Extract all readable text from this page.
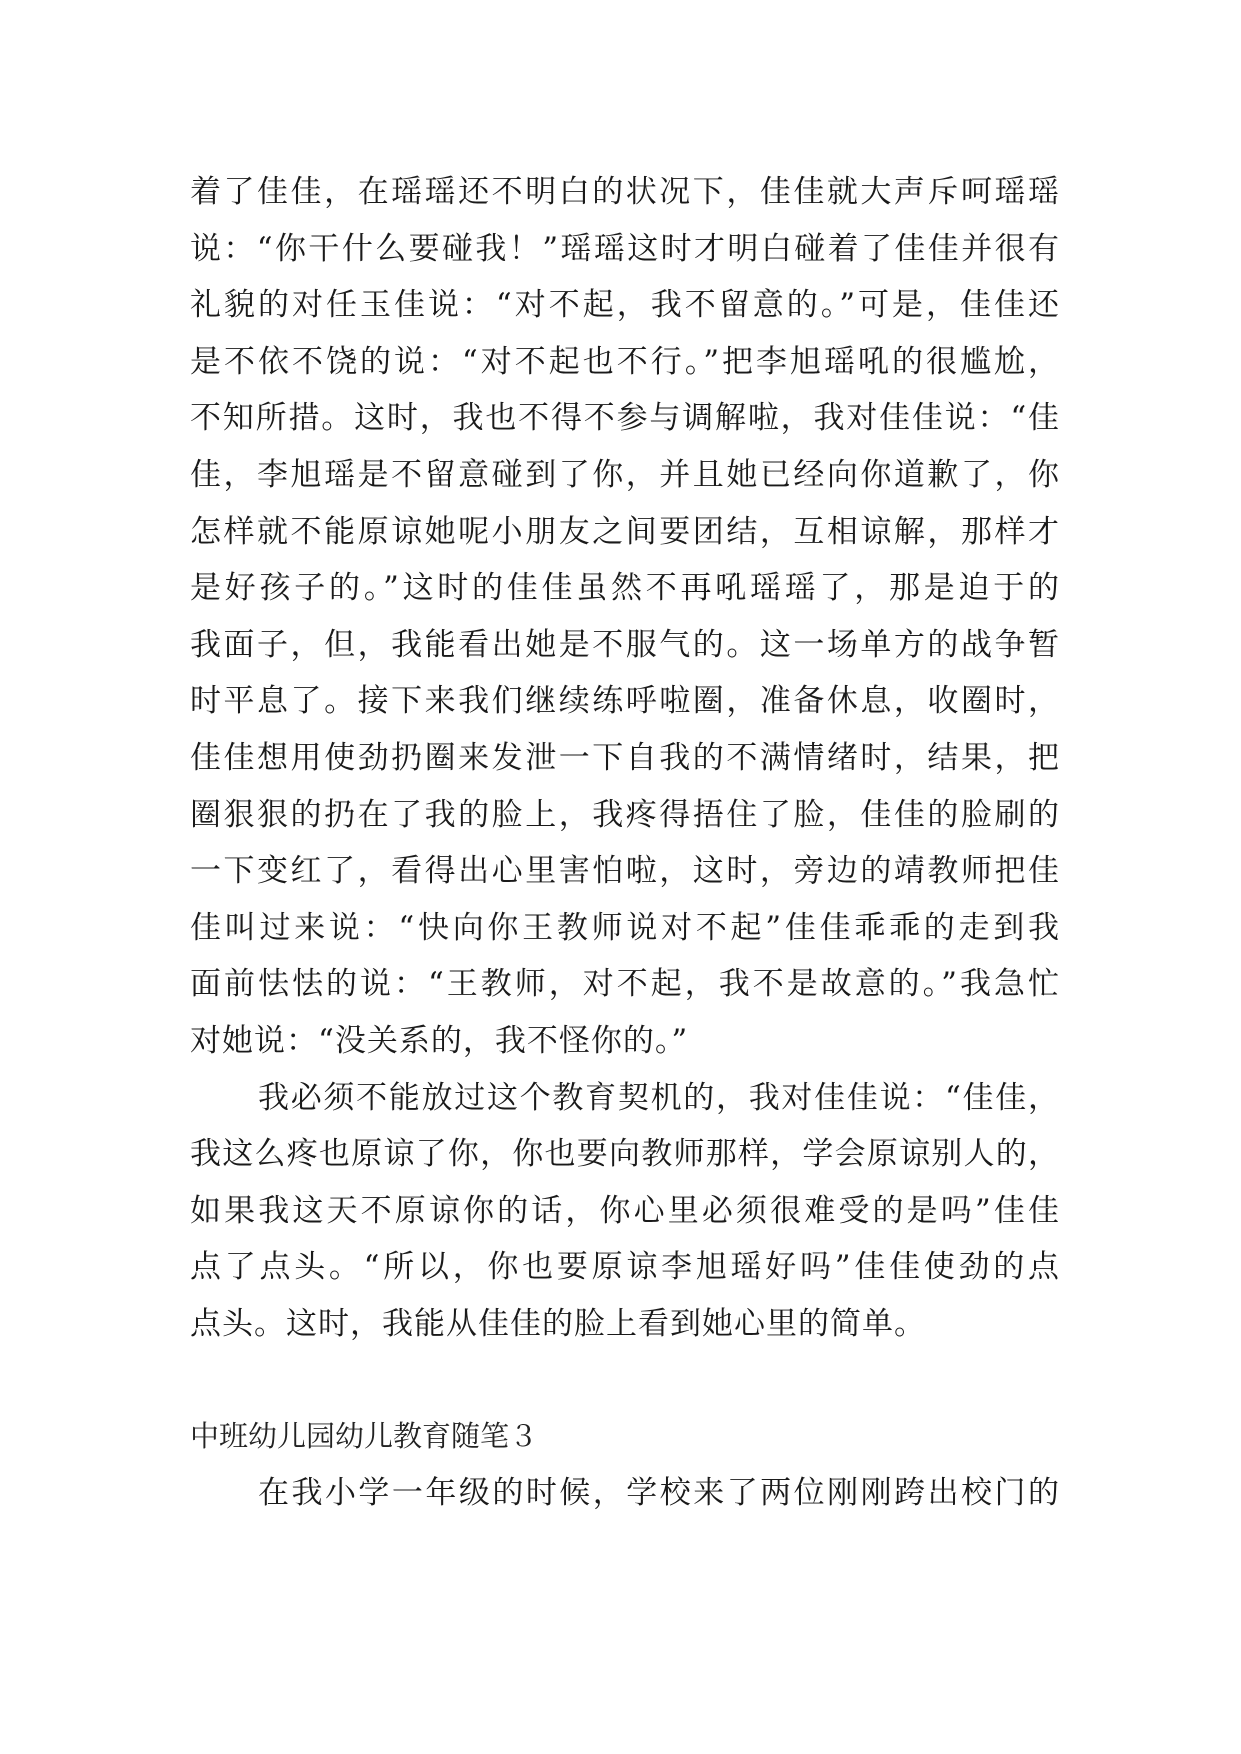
着了佳佳，在瑶瑶还不明白的状况下，佳佳就大声斥呵瑶瑶
说：“你干什么要碰我！”瑶瑶这时才明白碰着了佳佳并很有
礼貌的对任玉佳说：“对不起，我不留意的。”可是，佳佳还
是不依不饶的说：“对不起也不行。”把李旭瑶吼的很尴尬，
不知所措。这时，我也不得不参与调解啦，我对佳佳说：“佳
佳，李旭瑶是不留意碰到了你，并且她已经向你道歉了，你
怎样就不能原谅她呢小朋友之间要团结，互相谅解，那样才
是好孩子的。”这时的佳佳虽然不再吼瑶瑶了，那是迫于的
我面子，但，我能看出她是不服气的。这一场单方的战争暂
时平息了。接下来我们继续练呼啦圈，准备休息，收圈时，
佳佳想用使劲扔圈来发泄一下自我的不满情绪时，结果，把
圈狠狠的扔在了我的脸上，我疼得捂住了脸，佳佳的脸刷的
一下变红了，看得出心里害怕啦，这时，旁边的靖教师把佳
佳叫过来说：“快向你王教师说对不起”佳佳乖乖的走到我
面前怯怯的说：“王教师，对不起，我不是故意的。”我急忙
对她说：“没关系的，我不怪你的。”
我必须不能放过这个教育契机的，我对佳佳说：“佳佳，
我这么疼也原谅了你，你也要向教师那样，学会原谅别人的，
如果我这天不原谅你的话，你心里必须很难受的是吗”佳佳
点了点头。“所以，你也要原谅李旭瑶好吗”佳佳使劲的点
点头。这时，我能从佳佳的脸上看到她心里的简单。
中班幼儿园幼儿教育随笔３
在我小学一年级的时候，学校来了两位刚刚跨出校门的
